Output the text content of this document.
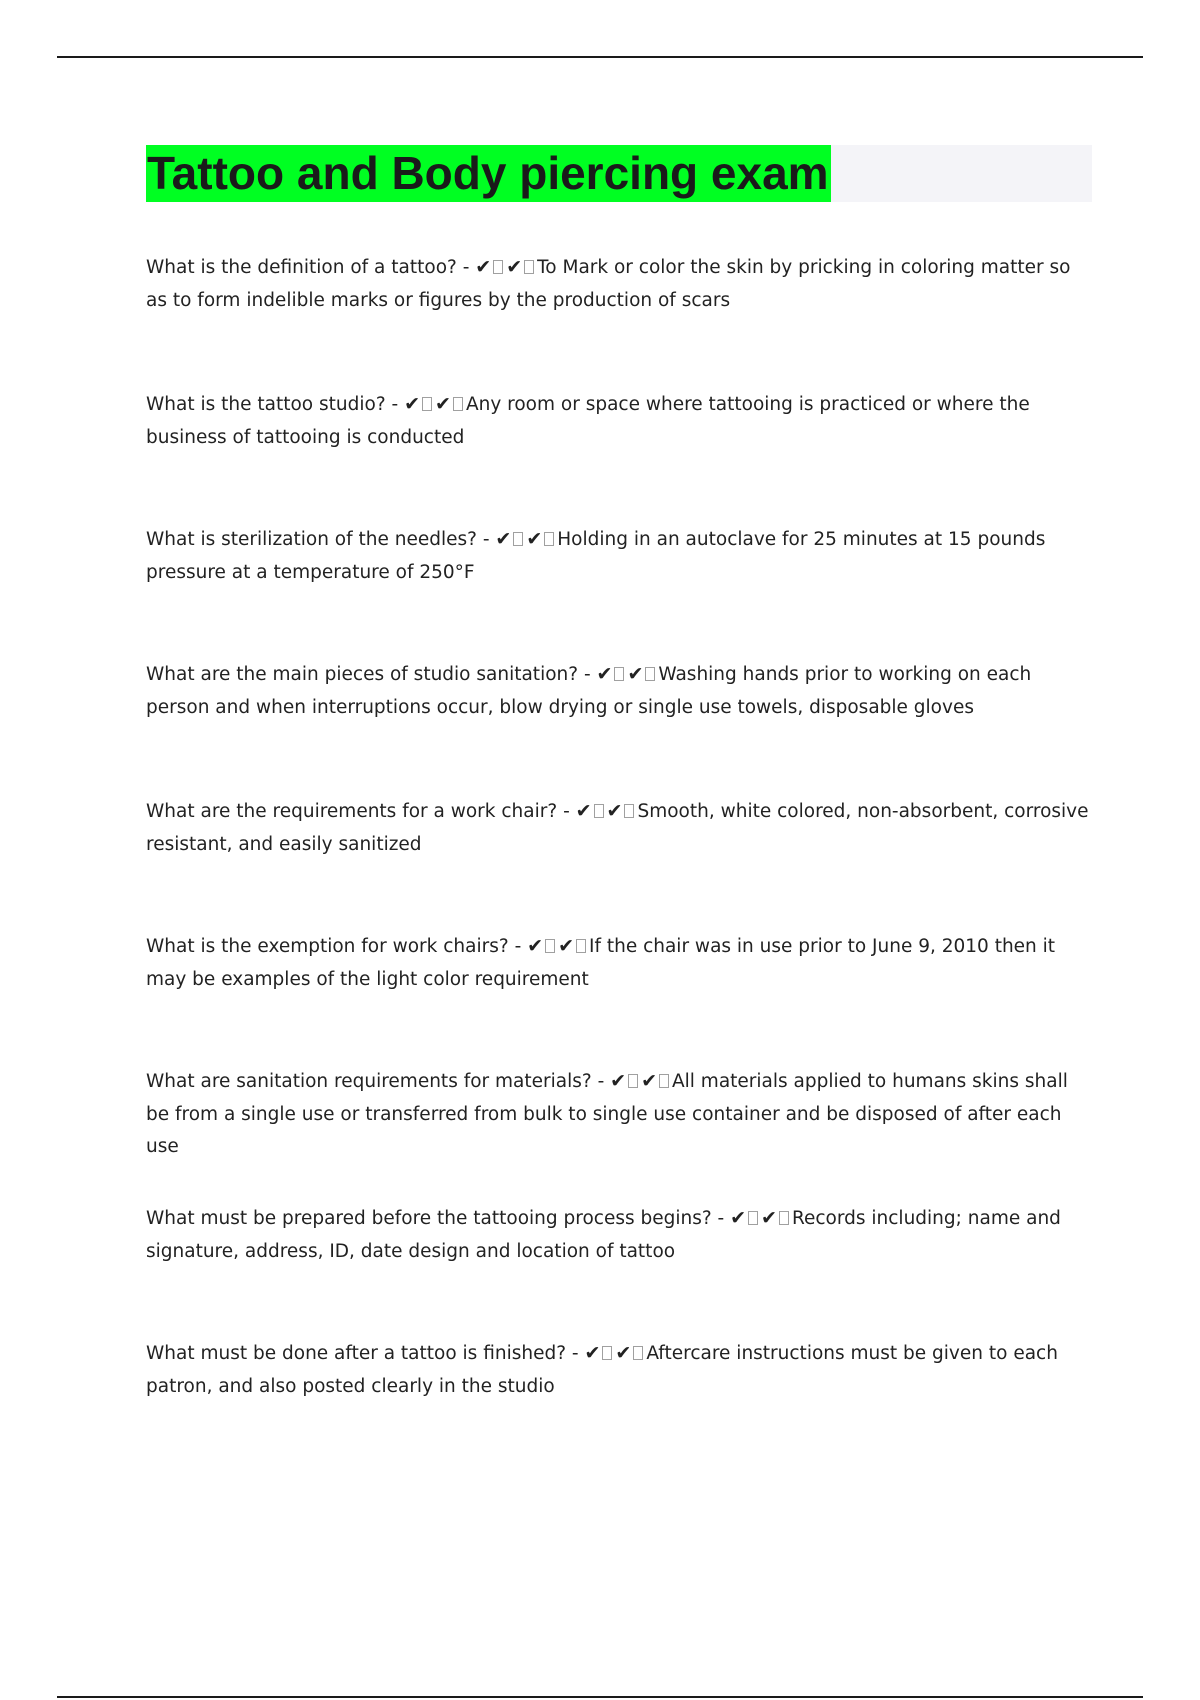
Tattoo and Body piercing exam

What is the definition of a tattoo? - ✔ ✔ To Mark or color the skin by pricking in coloring matter so as to form indelible marks or figures by the production of scars

What is the tattoo studio? - ✔ ✔ Any room or space where tattooing is practiced or where the business of tattooing is conducted

What is sterilization of the needles? - ✔ ✔ Holding in an autoclave for 25 minutes at 15 pounds pressure at a temperature of 250°F

What are the main pieces of studio sanitation? - ✔ ✔ Washing hands prior to working on each person and when interruptions occur, blow drying or single use towels, disposable gloves

What are the requirements for a work chair? - ✔ ✔ Smooth, white colored, non-absorbent, corrosive resistant, and easily sanitized

What is the exemption for work chairs? - ✔ ✔ If the chair was in use prior to June 9, 2010 then it may be examples of the light color requirement

What are sanitation requirements for materials? - ✔ ✔ All materials applied to humans skins shall be from a single use or transferred from bulk to single use container and be disposed of after each use

What must be prepared before the tattooing process begins? - ✔ ✔ Records including; name and signature, address, ID, date design and location of tattoo

What must be done after a tattoo is finished? - ✔ ✔ Aftercare instructions must be given to each patron, and also posted clearly in the studio
